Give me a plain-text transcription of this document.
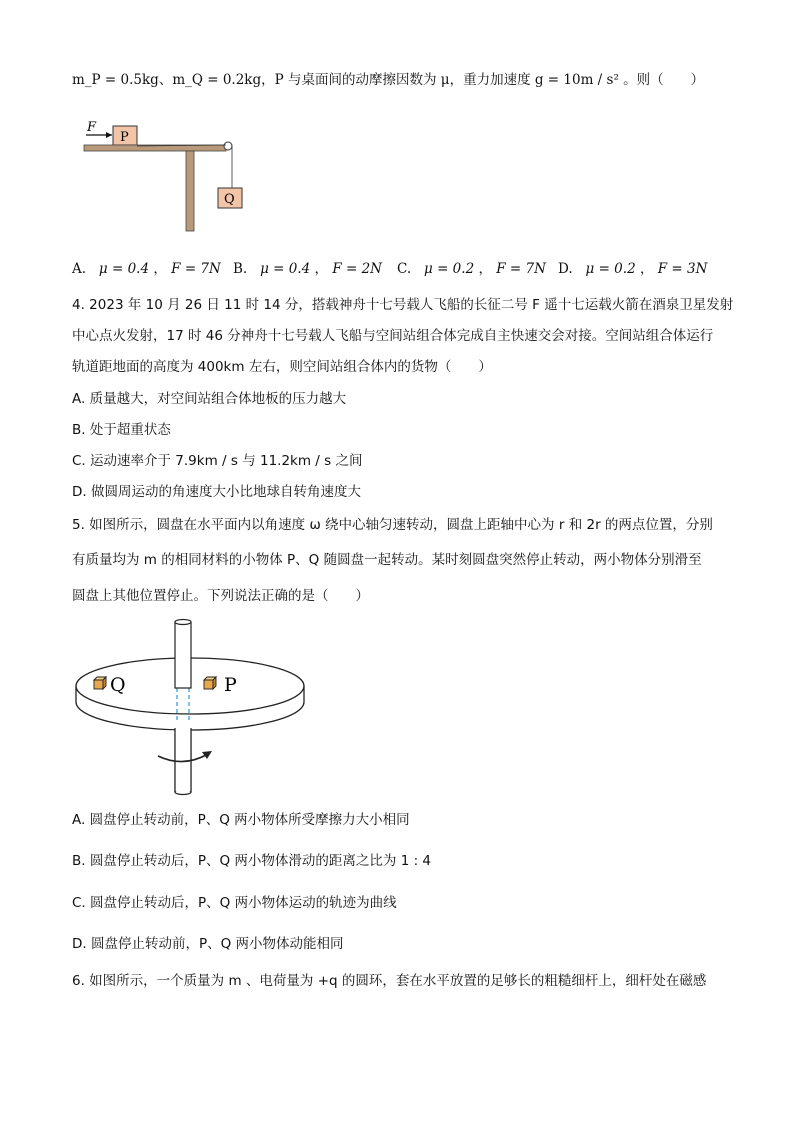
m_P = 0.5kg、m_Q = 0.2kg，P 与桌面间的动摩擦因数为 μ，重力加速度 g = 10m / s² 。则（　　）
F
P
Q
A. μ = 0.4 ， F = 7N B. μ = 0.4 ， F = 2N C. μ = 0.2 ， F = 7N D. μ = 0.2 ， F = 3N
4. 2023 年 10 月 26 日 11 时 14 分，搭载神舟十七号载人飞船的长征二号 F 遥十七运载火箭在酒泉卫星发射
中心点火发射，17 时 46 分神舟十七号载人飞船与空间站组合体完成自主快速交会对接。空间站组合体运行
轨道距地面的高度为 400km 左右，则空间站组合体内的货物（　　）
A. 质量越大，对空间站组合体地板的压力越大
B. 处于超重状态
C. 运动速率介于 7.9km / s 与 11.2km / s 之间
D. 做圆周运动的角速度大小比地球自转角速度大
5. 如图所示，圆盘在水平面内以角速度 ω 绕中心轴匀速转动，圆盘上距轴中心为 r 和 2r 的两点位置，分别
有质量均为 m 的相同材料的小物体 P、Q 随圆盘一起转动。某时刻圆盘突然停止转动，两小物体分别滑至
圆盘上其他位置停止。下列说法正确的是（　　）
Q	P
A. 圆盘停止转动前，P、Q 两小物体所受摩擦力大小相同
B. 圆盘停止转动后，P、Q 两小物体滑动的距离之比为 1 : 4
C. 圆盘停止转动后，P、Q 两小物体运动的轨迹为曲线
D. 圆盘停止转动前，P、Q 两小物体动能相同
6. 如图所示，一个质量为 m 、电荷量为 +q 的圆环，套在水平放置的足够长的粗糙细杆上，细杆处在磁感
